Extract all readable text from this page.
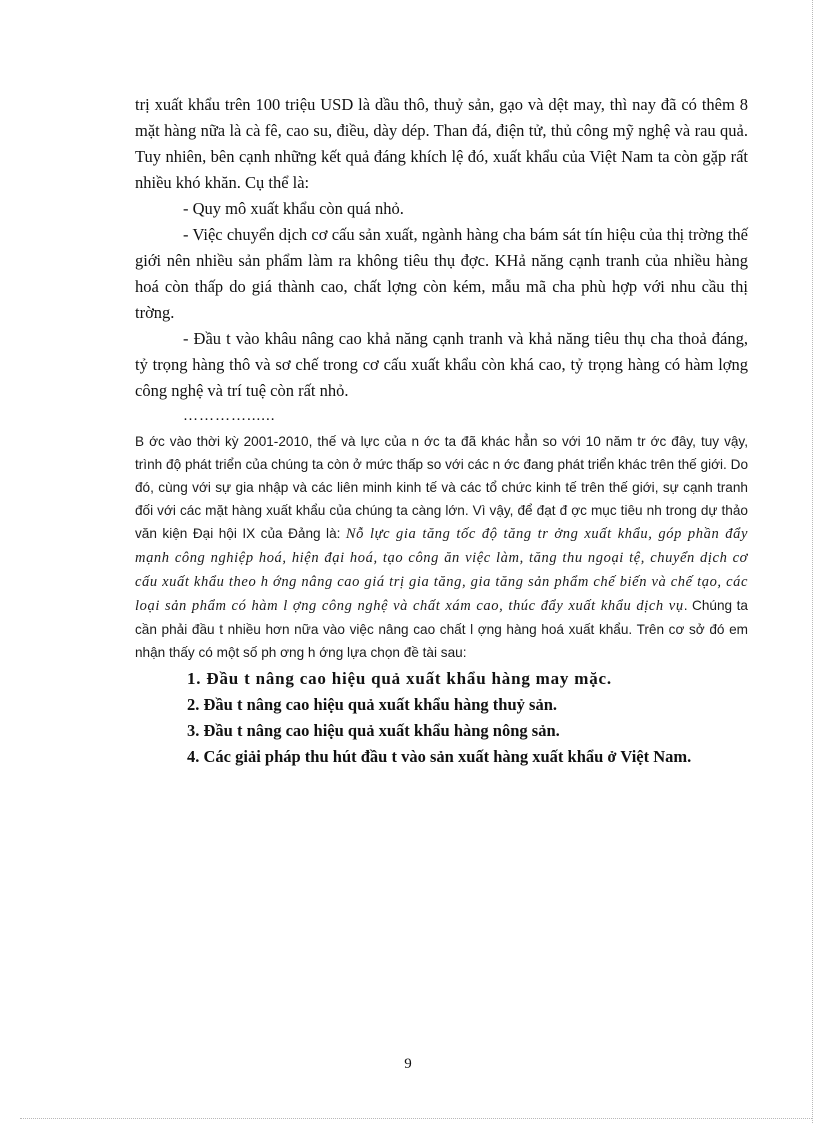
trị xuất khẩu trên 100 triệu USD là dầu thô, thuỷ sản, gạo và dệt may, thì nay đã có thêm 8 mặt hàng nữa là cà fê, cao su, điều, dày dép. Than đá, điện tử, thủ công mỹ nghệ và rau quả. Tuy nhiên, bên cạnh những kết quả đáng khích lệ đó, xuất khẩu của Việt Nam ta còn gặp rất nhiều khó khăn. Cụ thể là:

- Quy mô xuất khẩu còn quá nhỏ.

- Việc chuyển dịch cơ cấu sản xuất, ngành hàng cha bám sát tín hiệu của thị trờng thế giới nên nhiều sản phẩm làm ra không tiêu thụ đợc. KHả năng cạnh tranh của nhiều hàng hoá còn thấp do giá thành cao, chất lợng còn kém, mẫu mã cha phù hợp với nhu cầu thị trờng.

- Đầu t vào khâu nâng cao khả năng cạnh tranh và khả năng tiêu thụ cha thoả đáng, tỷ trọng hàng thô và sơ chế trong cơ cấu xuất khẩu còn khá cao, tỷ trọng hàng có hàm lợng công nghệ và trí tuệ còn rất nhỏ.

…………......

B ớc vào thời kỳ 2001-2010, thế và lực của n ớc ta đã khác hẳn so với 10 năm tr ớc đây, tuy vậy, trình độ phát triển của chúng ta còn ở mức thấp so với các n ớc đang phát triển khác trên thế giới. Do đó, cùng với sự gia nhập và các liên minh kinh tế và các tổ chức kinh tế trên thế giới, sự cạnh tranh đối với các mặt hàng xuất khẩu của chúng ta càng lớn. Vì vậy, để đạt đ ợc mục tiêu nh trong dự thảo văn kiện Đại hội IX của Đảng là: Nỗ lực gia tăng tốc độ tăng tr ởng xuất khẩu, góp phần đẩy mạnh công nghiệp hoá, hiện đại hoá, tạo công ăn việc làm, tăng thu ngoại tệ, chuyển dịch cơ cấu xuất khẩu theo h ớng nâng cao giá trị gia tăng, gia tăng sản phẩm chế biến và chế tạo, các loại sản phẩm có hàm l ợng công nghệ và chất xám cao, thúc đẩy xuất khẩu dịch vụ. Chúng ta cần phải đầu t nhiều hơn nữa vào việc nâng cao chất l ợng hàng hoá xuất khẩu. Trên cơ sở đó em nhận thấy có một số ph ơng h ớng lựa chọn đề tài sau:

1. Đầu t nâng cao hiệu quả xuất khẩu hàng may mặc.
2. Đầu t nâng cao hiệu quả xuất khẩu hàng thuỷ sản.
3. Đầu t nâng cao hiệu quả xuất khẩu hàng nông sản.
4. Các giải pháp thu hút đầu t vào sản xuất hàng xuất khẩu ở Việt Nam.
9
